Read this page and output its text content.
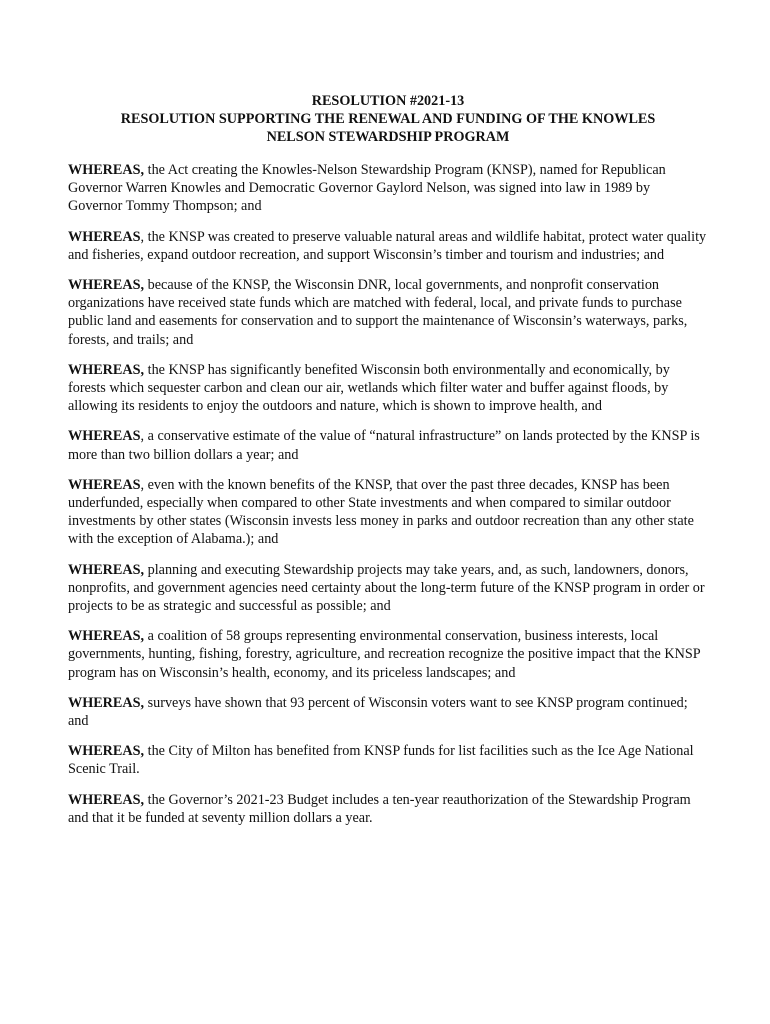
RESOLUTION #2021-13
RESOLUTION SUPPORTING THE RENEWAL AND FUNDING OF THE KNOWLES
NELSON STEWARDSHIP PROGRAM

WHEREAS, the Act creating the Knowles-Nelson Stewardship Program (KNSP), named for Republican Governor Warren Knowles and Democratic Governor Gaylord Nelson, was signed into law in 1989 by Governor Tommy Thompson; and

WHEREAS, the KNSP was created to preserve valuable natural areas and wildlife habitat, protect water quality and fisheries, expand outdoor recreation, and support Wisconsin’s timber and tourism and industries; and

WHEREAS, because of the KNSP, the Wisconsin DNR, local governments, and nonprofit conservation organizations have received state funds which are matched with federal, local, and private funds to purchase public land and easements for conservation and to support the maintenance of Wisconsin’s waterways, parks, forests, and trails; and

WHEREAS, the KNSP has significantly benefited Wisconsin both environmentally and economically, by forests which sequester carbon and clean our air, wetlands which filter water and buffer against floods, by allowing its residents to enjoy the outdoors and nature, which is shown to improve health, and

WHEREAS, a conservative estimate of the value of “natural infrastructure” on lands protected by the KNSP is more than two billion dollars a year; and

WHEREAS, even with the known benefits of the KNSP, that over the past three decades, KNSP has been underfunded, especially when compared to other State investments and when compared to similar outdoor investments by other states (Wisconsin invests less money in parks and outdoor recreation than any other state with the exception of Alabama.); and

WHEREAS, planning and executing Stewardship projects may take years, and, as such, landowners, donors, nonprofits, and government agencies need certainty about the long-term future of the KNSP program in order or projects to be as strategic and successful as possible; and

WHEREAS, a coalition of 58 groups representing environmental conservation, business interests, local governments, hunting, fishing, forestry, agriculture, and recreation recognize the positive impact that the KNSP program has on Wisconsin’s health, economy, and its priceless landscapes; and

WHEREAS, surveys have shown that 93 percent of Wisconsin voters want to see KNSP program continued; and

WHEREAS, the City of Milton has benefited from KNSP funds for list facilities such as the Ice Age National Scenic Trail.

WHEREAS, the Governor’s 2021-23 Budget includes a ten-year reauthorization of the Stewardship Program and that it be funded at seventy million dollars a year.
